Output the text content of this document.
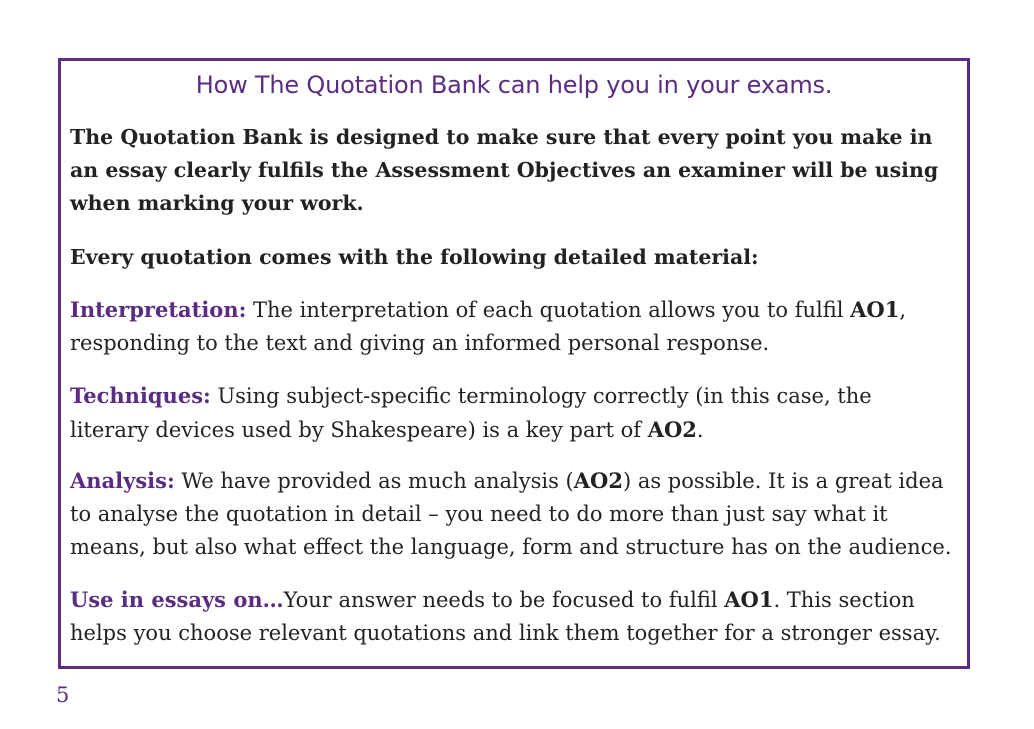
How The Quotation Bank can help you in your exams.

The Quotation Bank is designed to make sure that every point you make in an essay clearly fulfils the Assessment Objectives an examiner will be using when marking your work.

Every quotation comes with the following detailed material:

Interpretation: The interpretation of each quotation allows you to fulfil AO1, responding to the text and giving an informed personal response.

Techniques: Using subject-specific terminology correctly (in this case, the literary devices used by Shakespeare) is a key part of AO2.

Analysis: We have provided as much analysis (AO2) as possible. It is a great idea to analyse the quotation in detail – you need to do more than just say what it means, but also what effect the language, form and structure has on the audience.

Use in essays on…Your answer needs to be focused to fulfil AO1. This section helps you choose relevant quotations and link them together for a stronger essay.

5
